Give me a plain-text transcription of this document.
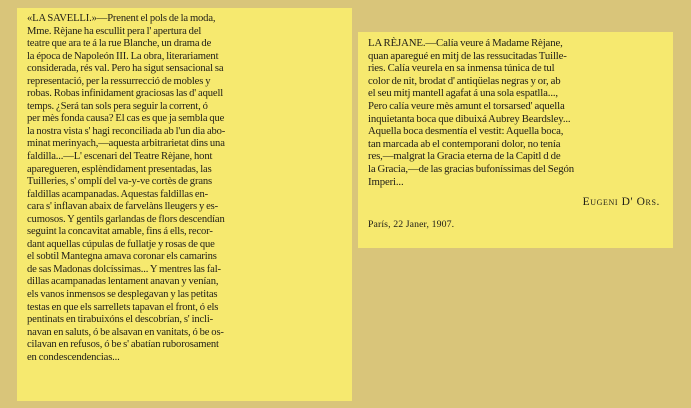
«LA SAVELLI.»—Prenent el pols de la moda,
Mme. Rèjane ha escullit pera l' apertura del
teatre que ara te á la rue Blanche, un drama de
la época de Napoleón III. La obra, literariament
considerada, rés val. Pero ha sigut sensacional sa
representació, per la ressurrecció de mobles y
robas. Robas infinidament graciosas las d' aquell
temps. ¿Será tan sols pera seguir la corrent, ó
per mès fonda causa? El cas es que ja sembla que
la nostra vista s' hagi reconciliada ab l'un dia abo-
minat merinyach,—aquesta arbitrarietat dins una
faldilla...—L' escenari del Teatre Rèjane, hont
aparegueren, esplèndidament presentadas, las
Tuilleries, s' omplí del va-y-ve cortès de grans
faldillas acampanadas. Aquestas faldillas en-
cara s' inflavan abaix de farvelàns lleugers y es-
cumosos. Y gentils garlandas de flors descendían
seguint la concavitat amable, fins á ells, recor-
dant aquellas cúpulas de fullatje y rosas de que
el sobtil Mantegna amava coronar els camarins
de sas Madonas dolcíssimas... Y mentres las fal-
dillas acampanadas lentament anavan y venían,
els vanos inmensos se desplegavan y las petitas
testas en que els sarrellets tapavan el front, ó els
pentinats en tirabuixóns el descobrían, s' incli-
navan en saluts, ó be alsavan en vanitats, ó be os-
cilavan en refusos, ó be s' abatían ruborosament
en condescendencias...
LA RÈJANE.—Calía veure á Madame Rèjane,
quan aparegué en mitj de las ressucitadas Tuille-
ries. Calía veurela en sa inmensa túnica de tul
color de nit, brodat d' antiqüelas negras y or, ab
el seu mitj mantell agafat á una sola espatlla...,
Pero calía veure mès amunt el torsarsed' aquella
inquietanta boca que dibuixá Aubrey Beardsley...
Aquella boca desmentía el vestit: Aquella boca,
tan marcada ab el contemporani dolor, no tenía
res,—malgrat la Gracia eterna de la Capitl d de
la Gracia,—de las gracias bufoníssimas del Segón
Imperi...
Eugeni D' Ors.
París, 22 Janer, 1907.
